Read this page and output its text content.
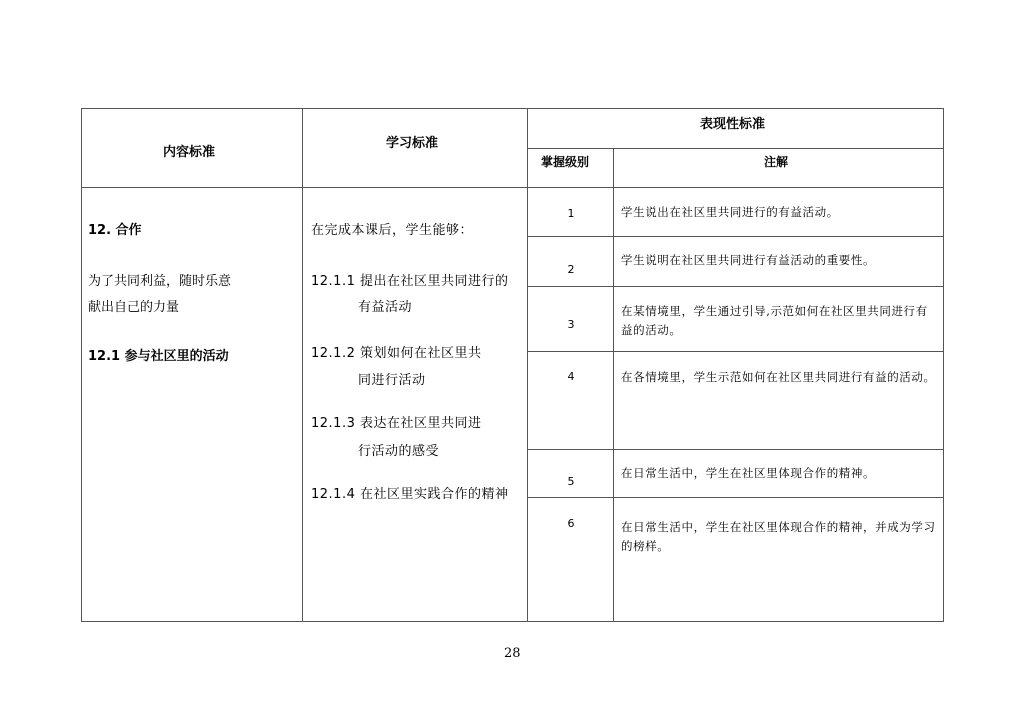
内容标准
学习标准
表现性标准
掌握级别	注解
12. 合作
为了共同利益，随时乐意
献出自己的力量
12.1 参与社区里的活动
在完成本课后，学生能够：
12.1.1 提出在社区里共同进行的
有益活动
12.1.2 策划如何在社区里共
同进行活动
12.1.3 表达在社区里共同进
行活动的感受
12.1.4 在社区里实践合作的精神
1
2
3
4
5
6
学生说出在社区里共同进行的有益活动。
学生说明在社区里共同进行有益活动的重要性。
在某情境里，学生通过引导,示范如何在社区里共同进行有益的活动。
在各情境里，学生示范如何在社区里共同进行有益的活动。
在日常生活中，学生在社区里体现合作的精神。
在日常生活中，学生在社区里体现合作的精神，并成为学习的榜样。
28
